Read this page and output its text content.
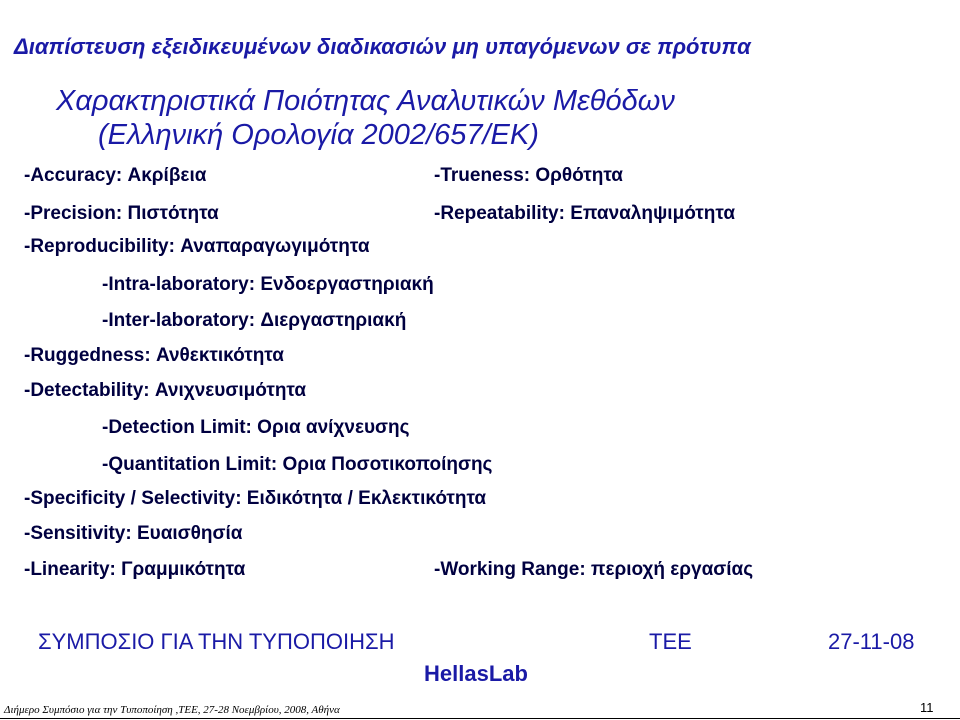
Διαπίστευση εξειδικευμένων διαδικασιών μη υπαγόμενων σε πρότυπα
Χαρακτηριστικά Ποιότητας Αναλυτικών Μεθόδων
(Ελληνική Ορολογία 2002/657/ΕΚ)
-Accuracy: Ακρίβεια	-Trueness: Ορθότητα
-Precision: Πιστότητα	-Repeatability: Επαναληψιμότητα
-Reproducibility: Αναπαραγωγιμότητα
-Intra-laboratory: Ενδοεργαστηριακή
-Inter-laboratory: Διεργαστηριακή
-Ruggedness: Ανθεκτικότητα
-Detectability: Ανιχνευσιμότητα
-Detection Limit: Ορια ανίχνευσης
-Quantitation Limit: Ορια Ποσοτικοποίησης
-Specificity / Selectivity: Ειδικότητα / Εκλεκτικότητα
-Sensitivity: Ευαισθησία
-Linearity: Γραμμικότητα	-Working Range: περιοχή εργασίας
ΣΥΜΠΟΣΙΟ ΓΙΑ ΤΗΝ ΤΥΠΟΠΟΙΗΣΗ	ΤΕΕ	27-11-08
HellasLab
Διήμερο Συμπόσιο για την Τυποποίηση ,ΤΕΕ, 27-28 Νοεμβρίου, 2008, Αθήνα	11
